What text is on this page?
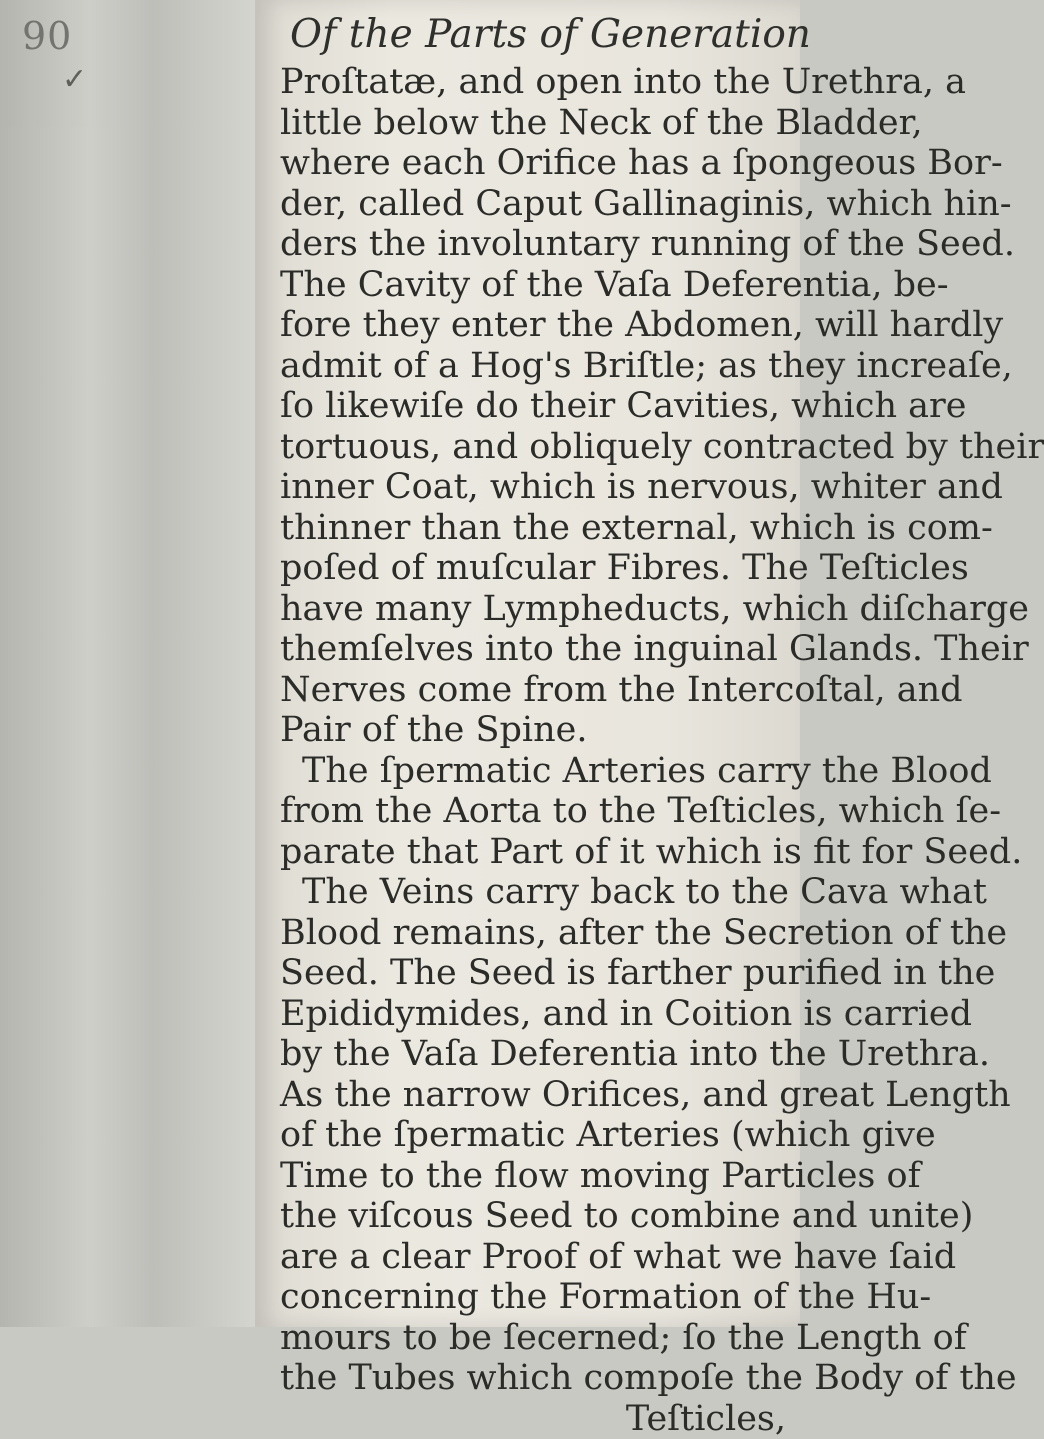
90
✓
Of the Parts of Generation
Proſtatæ, and open into the Urethra, a
little below the Neck of the Bladder,
where each Orifice has a ſpongeous Bor-
der, called Caput Gallinaginis, which hin-
ders the involuntary running of the Seed.
The Cavity of the Vaſa Deferentia, be-
fore they enter the Abdomen, will hardly
admit of a Hog's Briſtle; as they increaſe,
ſo likewiſe do their Cavities, which are
tortuous, and obliquely contracted by their
inner Coat, which is nervous, whiter and
thinner than the external, which is com-
poſed of muſcular Fibres. The Teſticles
have many Lympheducts, which diſcharge
themſelves into the inguinal Glands. Their
Nerves come from the Intercoſtal, and
Pair of the Spine.
The ſpermatic Arteries carry the Blood
from the Aorta to the Teſticles, which ſe-
parate that Part of it which is fit for Seed.
The Veins carry back to the Cava what
Blood remains, after the Secretion of the
Seed. The Seed is farther purified in the
Epididymides, and in Coition is carried
by the Vaſa Deferentia into the Urethra.
As the narrow Orifices, and great Length
of the ſpermatic Arteries (which give
Time to the flow moving Particles of
the viſcous Seed to combine and unite)
are a clear Proof of what we have ſaid
concerning the Formation of the Hu-
mours to be ſecerned; ſo the Length of
the Tubes which compoſe the Body of the
Teſticles,
